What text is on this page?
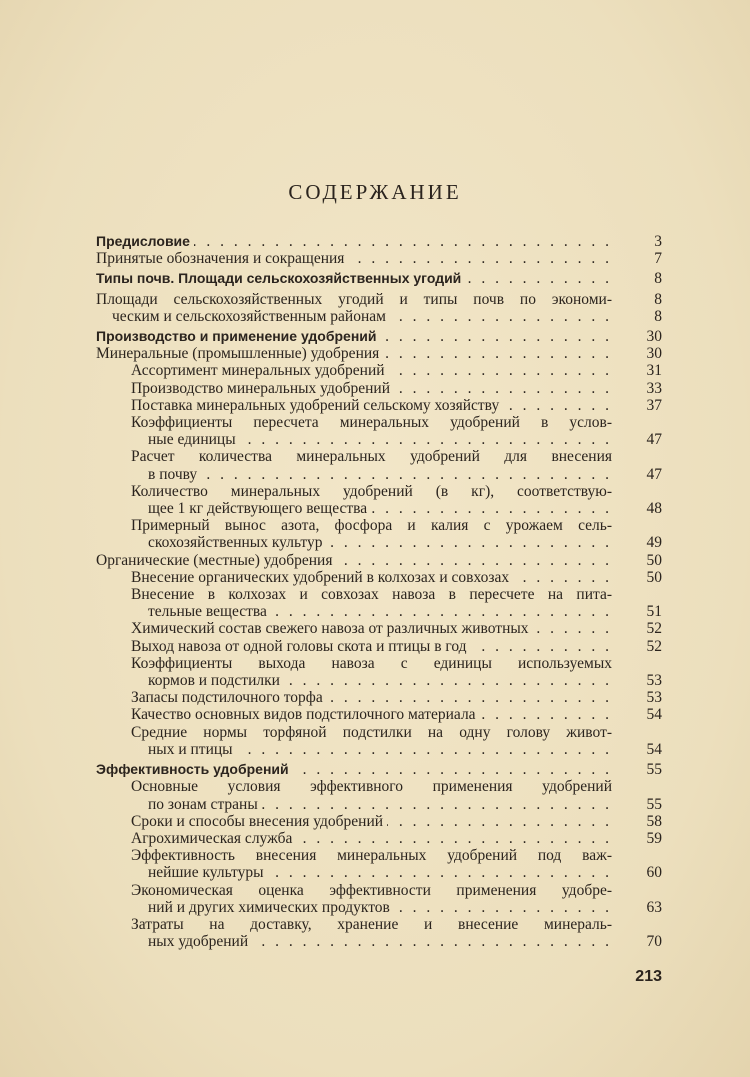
СОДЕРЖАНИЕ
Предисловие . . .	3
Принятые обозначения и сокращения . . .	7
Типы почв. Площади сельскохозяйственных угодий . . .	8
Площади сельскохозяйственных угодий и типы почв по экономи-	8
ческим и сельскохозяйственным районам . . .	8
Производство и применение удобрений . . .	30
Минеральные (промышленные) удобрения . . .	30
Ассортимент минеральных удобрений . . .	31
Производство минеральных удобрений . . .	33
Поставка минеральных удобрений сельскому хозяйству . . .	37
Коэффициенты пересчета минеральных удобрений в услов-
ные единицы . . .	47
Расчет количества минеральных удобрений для внесения
в почву . . .	47
Количество минеральных удобрений (в кг), соответствую-
щее 1 кг действующего вещества . . .	48
Примерный вынос азота, фосфора и калия с урожаем сель-
скохозяйственных культур . . .	49
Органические (местные) удобрения . . .	50
Внесение органических удобрений в колхозах и совхозах . . .	50
Внесение в колхозах и совхозах навоза в пересчете на пита-
тельные вещества . . .	51
Химический состав свежего навоза от различных животных . . .	52
Выход навоза от одной головы скота и птицы в год . . .	52
Коэффициенты выхода навоза с единицы используемых
кормов и подстилки . . .	53
Запасы подстилочного торфа . . .	53
Качество основных видов подстилочного материала . . .	54
Средние нормы торфяной подстилки на одну голову живот-
ных и птицы . . .	54
Эффективность удобрений . . .	55
Основные условия эффективного применения удобрений
по зонам страны . . .	55
Сроки и способы внесения удобрений . . .	58
Агрохимическая служба . . .	59
Эффективность внесения минеральных удобрений под важ-
нейшие культуры . . .	60
Экономическая оценка эффективности применения удобре-
ний и других химических продуктов . . .	63
Затраты на доставку, хранение и внесение минераль-
ных удобрений . . .	70
213
